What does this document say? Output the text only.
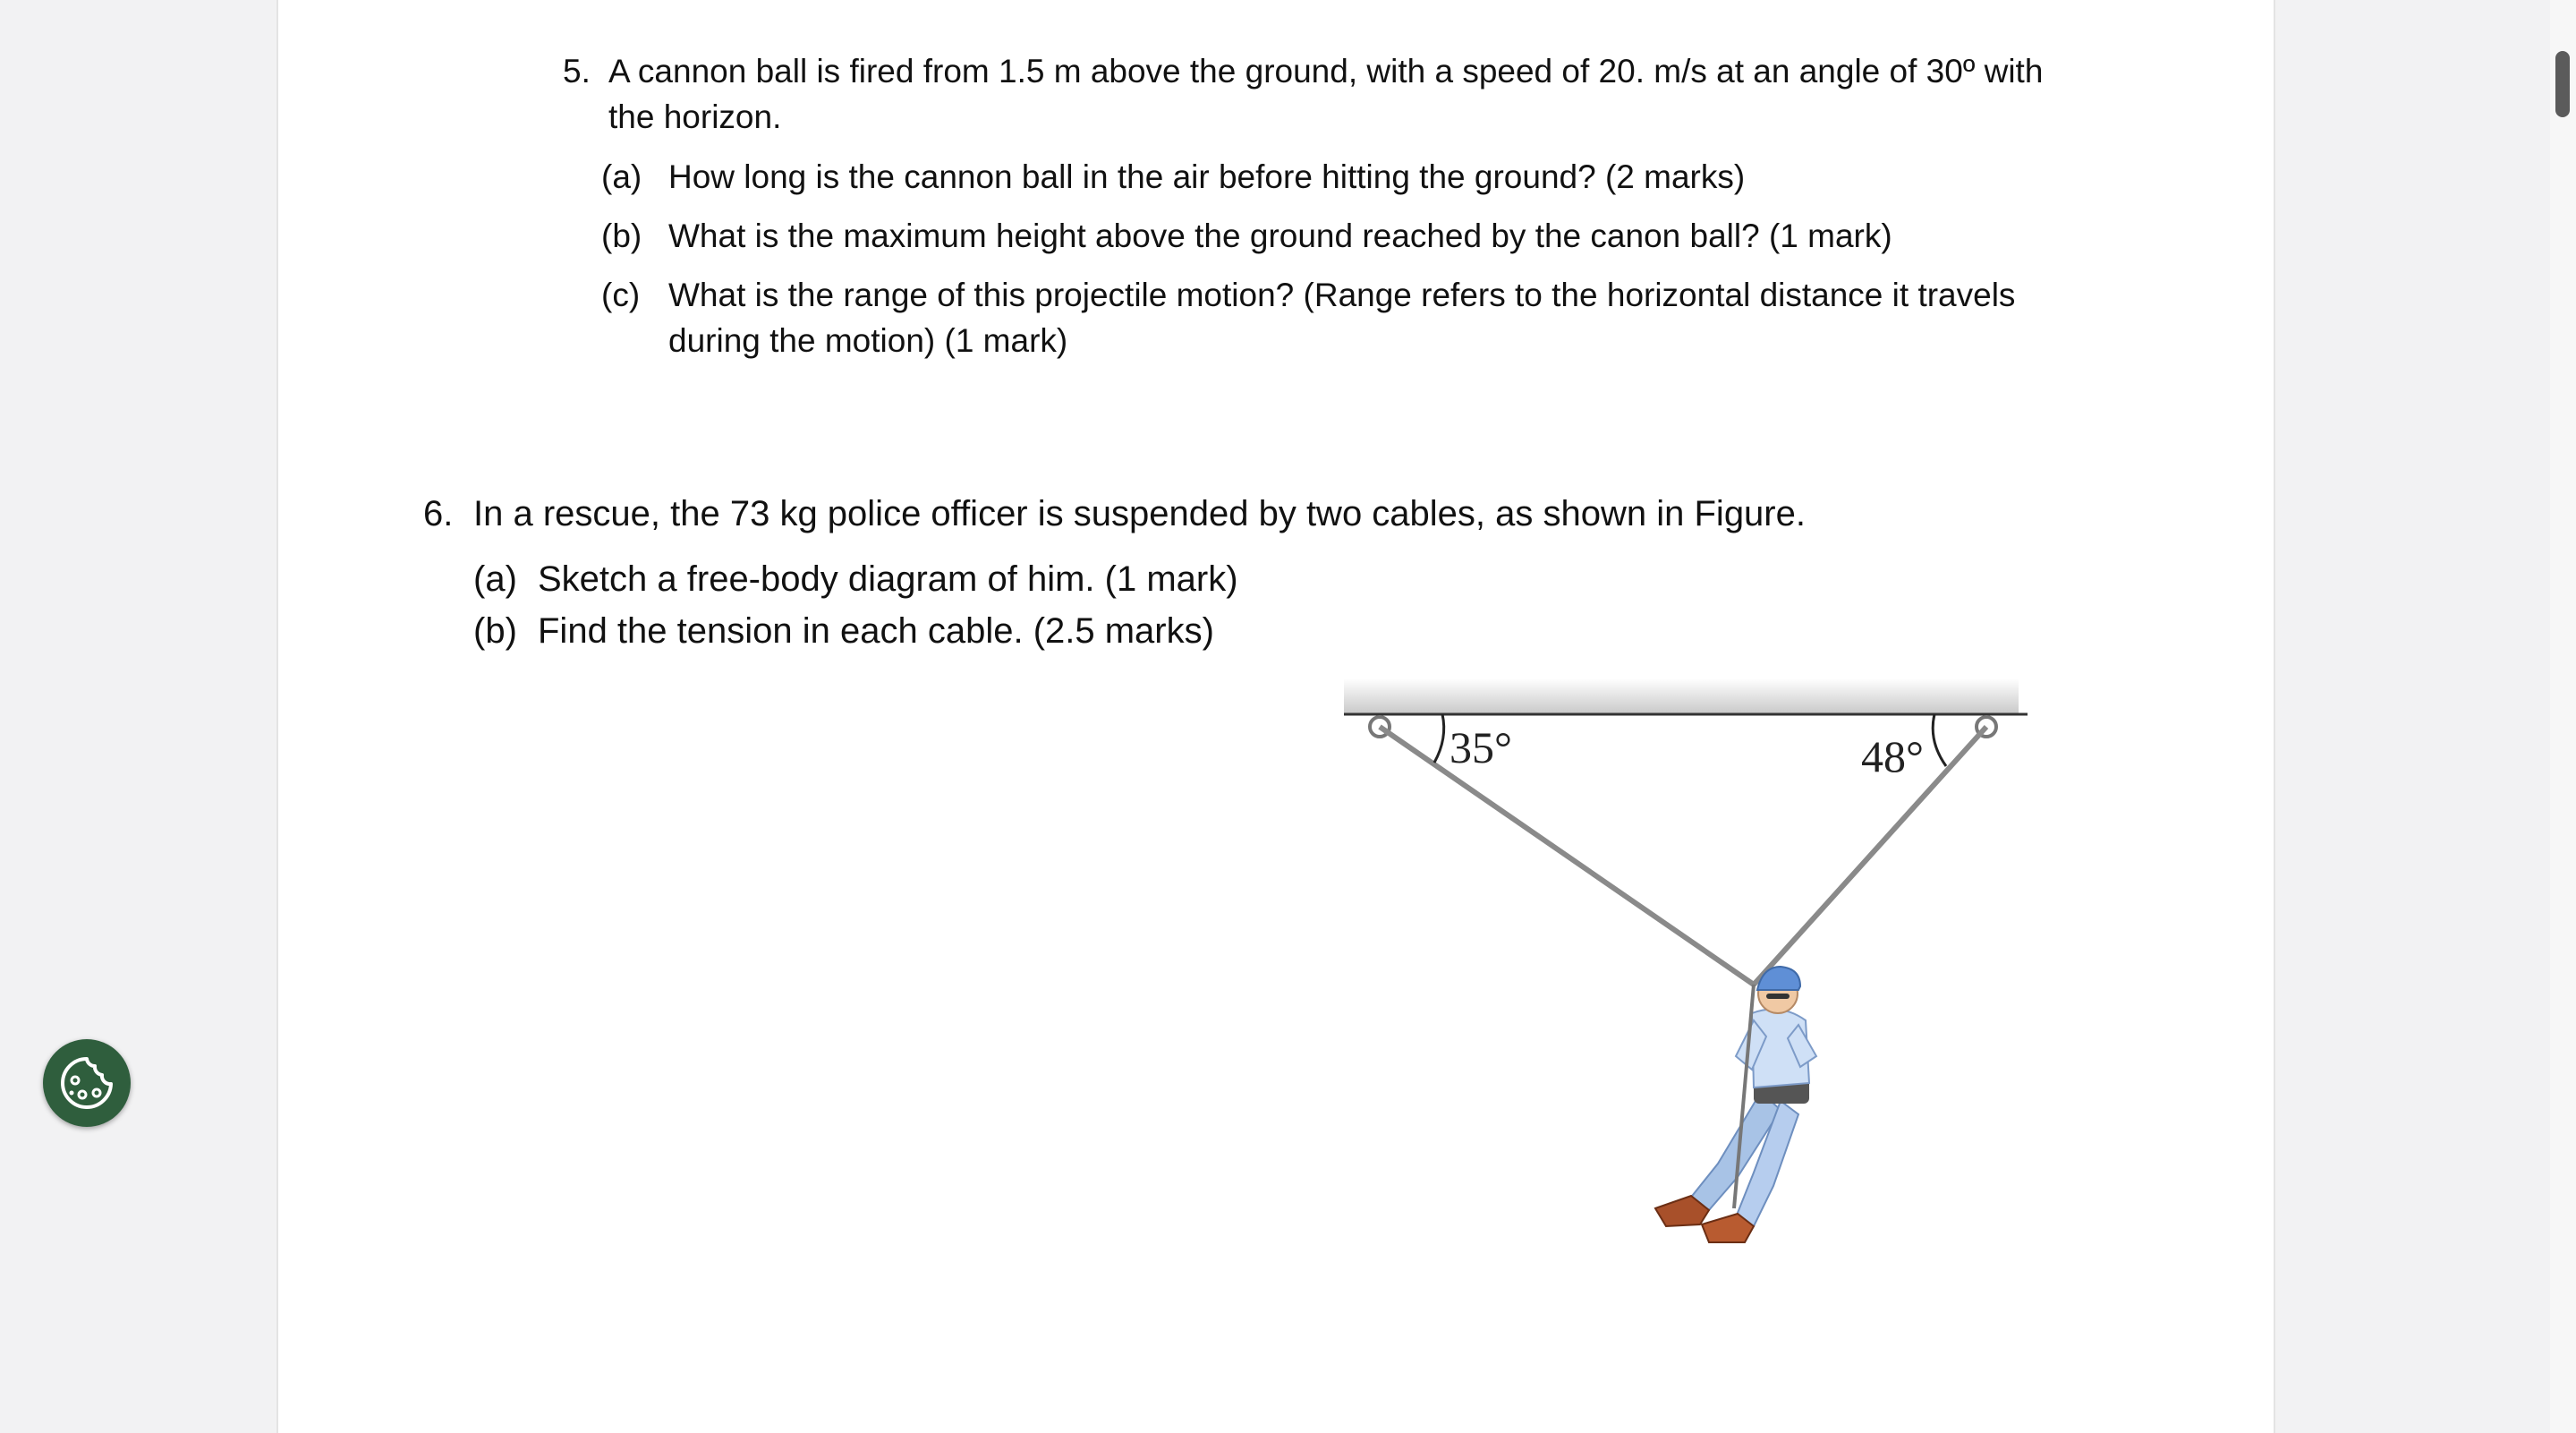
5. A cannon ball is fired from 1.5 m above the ground, with a speed of 20. m/s at an angle of 30º with
the horizon.
(a) How long is the cannon ball in the air before hitting the ground? (2 marks)
(b) What is the maximum height above the ground reached by the canon ball? (1 mark)
(c) What is the range of this projectile motion? (Range refers to the horizontal distance it travels
during the motion) (1 mark)
6. In a rescue, the 73 kg police officer is suspended by two cables, as shown in Figure.
(a) Sketch a free-body diagram of him. (1 mark)
(b) Find the tension in each cable. (2.5 marks)
35°	48°
